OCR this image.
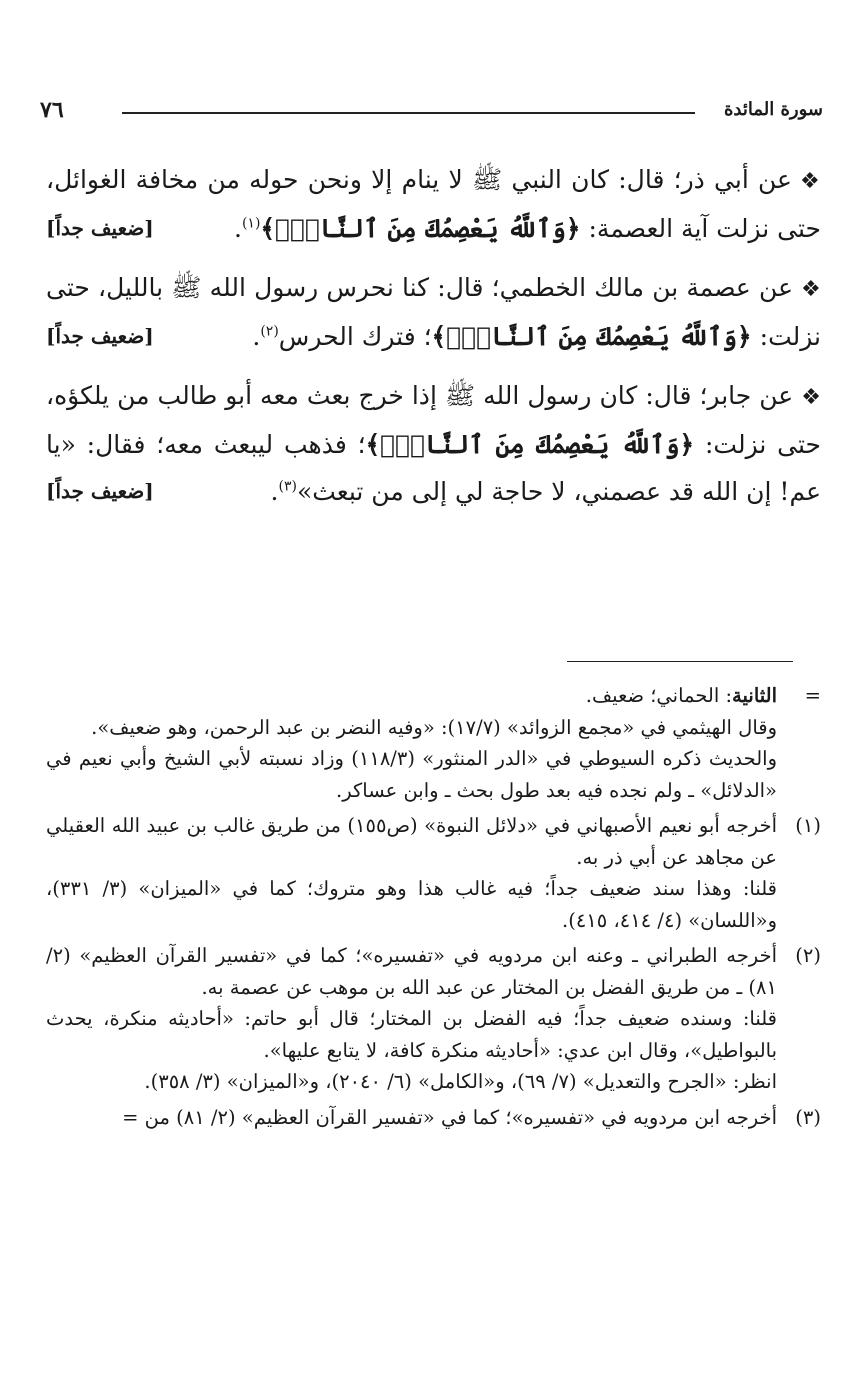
٧٦	سورة المائدة

❖عن أبي ذر؛ قال: كان النبي ﷺ لا ينام إلا ونحن حوله من مخافة الغوائل، حتى نزلت آية العصمة: ﴿وَٱللَّهُ يَعْصِمُكَ مِنَ ٱلنَّاسِۗ﴾$^{(١)}$.
[ضعيف جداً]

❖عن عصمة بن مالك الخطمي؛ قال: كنا نحرس رسول الله ﷺ بالليل، حتى نزلت: ﴿وَٱللَّهُ يَعْصِمُكَ مِنَ ٱلنَّاسِۗ﴾؛ فترك الحرس$^{(٢)}$.
[ضعيف جداً]

❖عن جابر؛ قال: كان رسول الله ﷺ إذا خرج بعث معه أبو طالب من يلكؤه، حتى نزلت: ﴿وَٱللَّهُ يَعْصِمُكَ مِنَ ٱلنَّاسِۗ﴾؛ فذهب ليبعث معه؛ فقال: «يا عم! إن الله قد عصمني، لا حاجة لي إلى من تبعث»$^{(٣)}$.
[ضعيف جداً]

=

الثانية: الحماني؛ ضعيف.

وقال الهيثمي في «مجمع الزوائد» (١٧/٧): «وفيه النضر بن عبد الرحمن، وهو ضعيف».

والحديث ذكره السيوطي في «الدر المنثور» (١١٨/٣) وزاد نسبته لأبي الشيخ وأبي نعيم في «الدلائل» ـ ولم نجده فيه بعد طول بحث ـ وابن عساكر.

(١)

أخرجه أبو نعيم الأصبهاني في «دلائل النبوة» (ص١٥٥) من طريق غالب بن عبيد الله العقيلي عن مجاهد عن أبي ذر به.

قلنا: وهذا سند ضعيف جداً؛ فيه غالب هذا وهو متروك؛ كما في «الميزان» (٣/ ٣٣١)، و«اللسان» (٤/ ٤١٤، ٤١٥).

(٢)

أخرجه الطبراني ـ وعنه ابن مردويه في «تفسيره»؛ كما في «تفسير القرآن العظيم» (٢/ ٨١) ـ من طريق الفضل بن المختار عن عبد الله بن موهب عن عصمة به.

قلنا: وسنده ضعيف جداً؛ فيه الفضل بن المختار؛ قال أبو حاتم: «أحاديثه منكرة، يحدث بالبواطيل»، وقال ابن عدي: «أحاديثه منكرة كافة، لا يتابع عليها».

انظر: «الجرح والتعديل» (٧/ ٦٩)، و«الكامل» (٦/ ٢٠٤٠)، و«الميزان» (٣/ ٣٥٨).

(٣)

أخرجه ابن مردويه في «تفسيره»؛ كما في «تفسير القرآن العظيم» (٢/ ٨١) من =
